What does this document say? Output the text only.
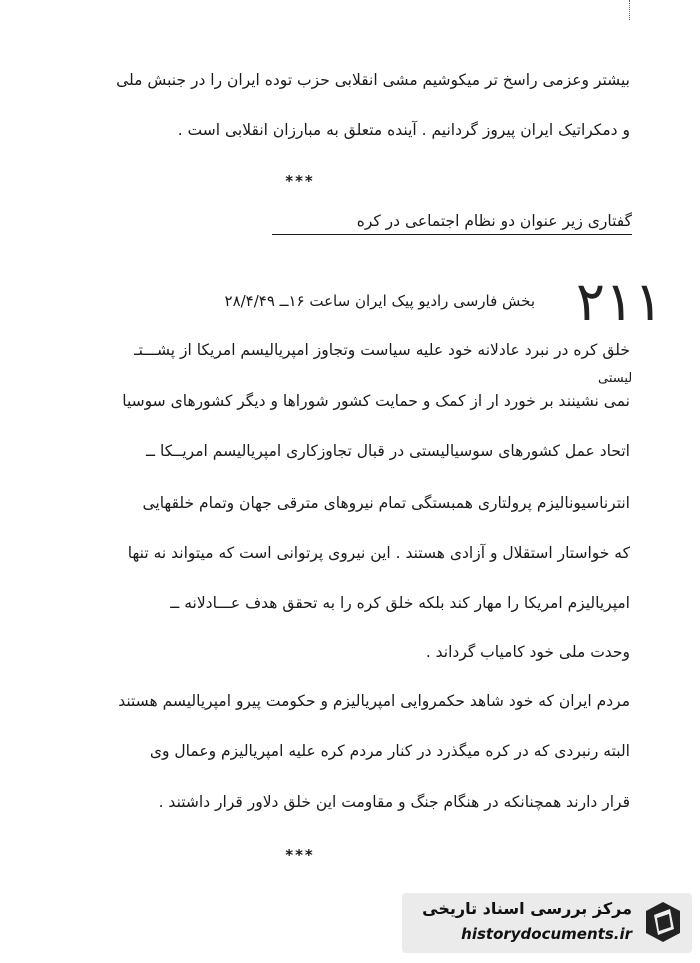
بیشتر وعزمی راسخ تر میکوشیم مشی انقلابی حزب توده ایران را در جنبش ملی
و دمکراتیک ایران پیروز گردانیم . آینده متعلق به مبارزان انقلابی است .
***
گفتاری زیر عنوان دو نظام اجتماعی در کره
بخش فارسی رادیو پیک ایران ساعت ۱۶ــ ۲۸/۴/۴۹ ۲۱۱
لیستی
خلق کره در نبرد عادلانه خود علیه سیاست وتجاوز امپریالیسم امریکا از پشـــتـ
نمی نشینند بر خورد ار از کمک و حمایت کشور شوراها و دیگر کشورهای سوسیا
اتحاد عمل کشورهای سوسیالیستی در قبال تجاوزکاری امپریالیسم امریــکا ــ
انترناسیونالیزم پرولتاری همبستگی تمام نیروهای مترقی جهان وتمام خلقهایی
که خواستار استقلال و آزادی هستند . این نیروی پرتوانی است که میتواند نه تنها
امپریالیزم امریکا را مهار کند بلکه خلق کره را به تحقق هدف عـــادلانه ــ
وحدت ملی خود کامیاب گرداند .
مردم ایران که خود شاهد حکمروایی امپریالیزم و حکومت پیرو امپریالیسم هستند
البته رنبردی که در کره میگذرد در کنار مردم کره علیه امپریالیزم وعمال وی
قرار دارند همچنانکه در هنگام جنگ و مقاومت این خلق دلاور قرار داشتند .
***
مرکز بررسی اسناد تاریخی
historydocuments.ir
